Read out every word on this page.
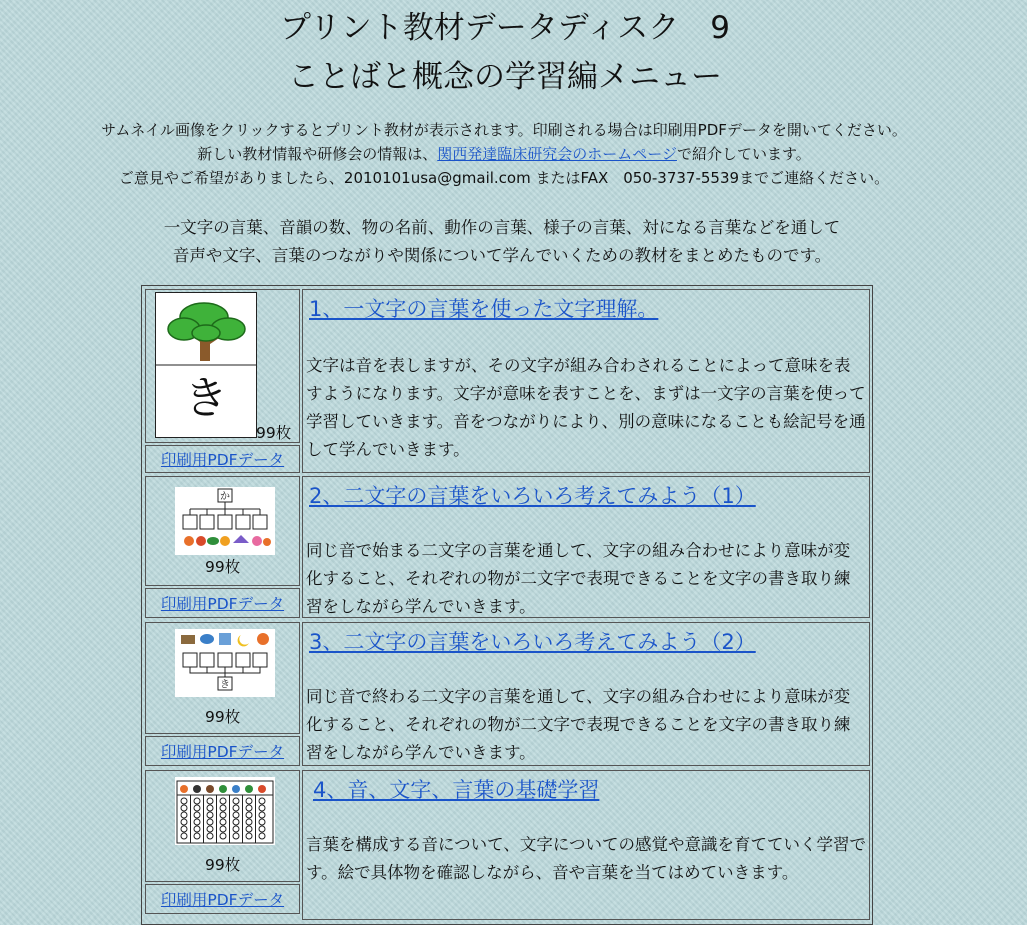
プリント教材データディスク　9
ことばと概念の学習編メニュー
サムネイル画像をクリックするとプリント教材が表示されます。印刷される場合は印刷用PDFデータを開いてください。
新しい教材情報や研修会の情報は、関西発達臨床研究会のホームページで紹介しています。
ご意見やご希望がありましたら、2010101usa@gmail.com またはFAX　050-3737-5539までご連絡ください。
一文字の言葉、音韻の数、物の名前、動作の言葉、様子の言葉、対になる言葉などを通して
音声や文字、言葉のつながりや関係について学んでいくための教材をまとめたものです。
き
99枚
印刷用PDFデータ
1、一文字の言葉を使った文字理解。
文字は音を表しますが、その文字が組み合わされることによって意味を表すようになります。文字が意味を表すことを、まずは一文字の言葉を使って学習していきます。音をつながりにより、別の意味になることも絵記号を通して学んでいきます。
か
99枚
印刷用PDFデータ
2、二文字の言葉をいろいろ考えてみよう（1）
同じ音で始まる二文字の言葉を通して、文字の組み合わせにより意味が変化すること、それぞれの物が二文字で表現できることを文字の書き取り練習をしながら学んでいきます。
き
99枚
印刷用PDFデータ
3、二文字の言葉をいろいろ考えてみよう（2）
同じ音で終わる二文字の言葉を通して、文字の組み合わせにより意味が変化すること、それぞれの物が二文字で表現できることを文字の書き取り練習をしながら学んでいきます。
99枚
印刷用PDFデータ
4、音、文字、言葉の基礎学習
言葉を構成する音について、文字についての感覚や意識を育てていく学習です。絵で具体物を確認しながら、音や言葉を当てはめていきます。
